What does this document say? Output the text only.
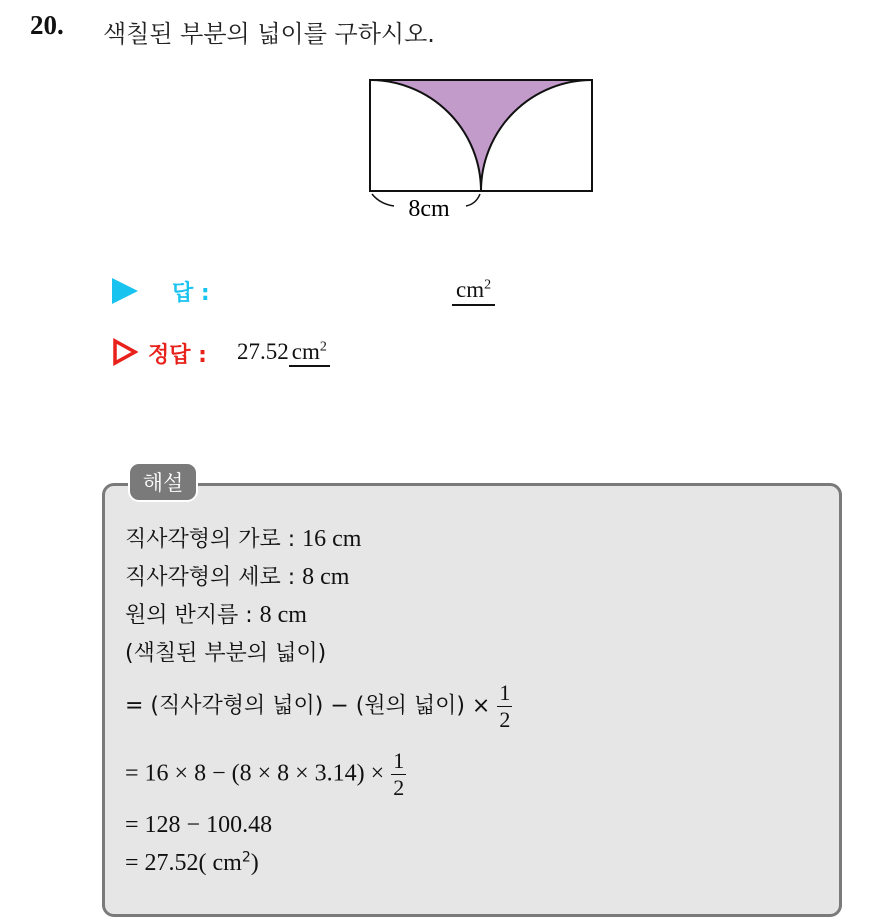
20. 색칠된 부분의 넓이를 구하시오.
8cm
답 :	$cm^2$
정답 : 27.52 $cm^2$
해설
직사각형의 가로 : 16 cm
직사각형의 세로 : 8 cm
원의 반지름 : 8 cm
(색칠된 부분의 넓이)
= (직사각형의 넓이) − (원의 넓이) × $\frac{1}{2}$
= $16 \times 8 - (8 \times 8 \times 3.14) \times \frac{1}{2}$
= 128 − 100.48
= 27.52( $cm^2$)
